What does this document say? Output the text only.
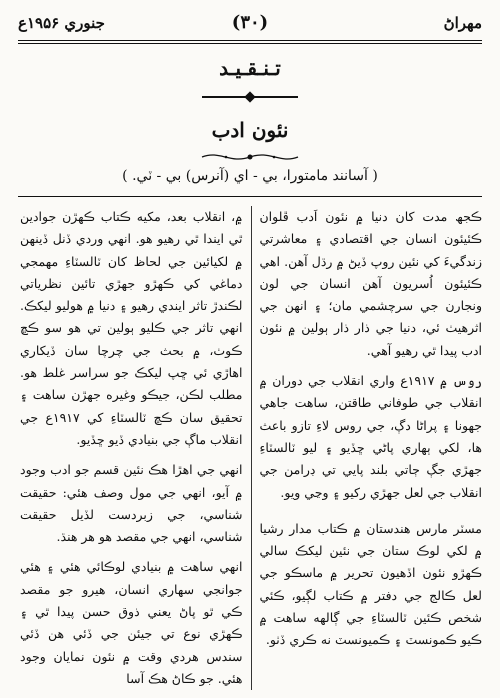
مهراڻ
(۳۰)
جنوري ۱۹۵۶ع
تـنـقـيـد
نئون ادب
( آسانند مامتورا، بي - اي (آنرس) بي - ٽي. )

ڪجھ مدت کان دنيا ۾ نئون اَدب ڦلوان ڪئيئون انسان جي اقتصادي ۽ معاشرتي زندگيءَ کي نئين روپ ڏيڻ ۾ رڌل آهن. اهي ڪئيئون اُسريون آهن انسان جي لون ونجارن جي سرچشمي مان؛ ۽ انهن جي اثرهيٺ ئي، دنيا جي ذار ذار ٻولين ۾ نئون ادب پيدا ٿي رهيو آهي.

روس ۾ ۱۹۱۷ع واري انقلاب جي دوران ۾ انقلاب جي طوفاني طاقتن، ساهت جاهي جهونا ۽ پراڻا دڳ، جي روس لاءِ تازو باعث ها، لکي ٻهاري پاڻي ڇڏيو ۽ ليو ٽالسٽاءِ جهڙي جڳ ڄاتي بلند پايي تي ڊرامن جي انقلاب جي لعل جهڙي رکيو ۽ وڃي ويو.

مسٽر مارس هندستان ۾ ڪتاب مدار رشيا ۾ لکي لوڪ ستان جي نئين ليکڪ سالي ڪهڙو نئون اڏهيون تحرير ۾ ماسڪو جي لعل ڪالج جي دفتر ۾ ڪتاب لڳيو، ڪئي شخص ڪئين ٽالسٽاءِ جي ڳالهه ساهت ۾ ڪيو ڪمونسٽ ۽ ڪميونسٽ نه ڪري ڏٺو.

۾، انقلاب بعد، مکيه ڪتاب ڪهڙن جوادين ٿي ايندا ٿي رهيو هو. انهي وردي ڏنل ڏينهن ۾ لکيائين جي لحاظ کان ٽالسٽاءِ مهمجي دماغي کي ڪهڙو جهڙي تائين نظرياتي لڪندڙ تاثر ايندي رهيو ۽ دنيا ۾ هوليو ليکڪ. انهي تاثر جي ڪليو ٻولين تي هو سو ڪڇ ڪوٺ، ۾ بحث جي چرچا سان ڏيکاري اهاڙي ئي ڇپ ليکڪ جو سراسر غلط هو. مطلب لڪن، جيڪو وغيره جهڙن ساهت ۽ تحقيق سان ڪڇ ٽالسٽاءِ کي ۱۹۱۷ع جي انقلاب ماڳ جي بنيادي ڏيو ڇڏيو.

انهي جي اهڙا هڪ نئين قسم جو ادب وجود ۾ آيو، انهي جي مول وصف هئي: حقيقت شناسي، جي زبردست لڏيل حقيقت شناسي، انهي جي مقصد هو هر هنڌ.

انهي ساهت ۾ بنيادي لوڪائي هئي ۽ هئي جوانجي سهاري انسان، هيرو جو مقصد ڪي ٿو پاڻ يعني ذوق حسن پيدا ٿي ۽ ڪهڙي نوع تي جيئن جي ڏئي هن ڏئي سندس هردي وقت ۾ نئون نمايان وجود هئي. جو ڪاڻ هڪ آسا
